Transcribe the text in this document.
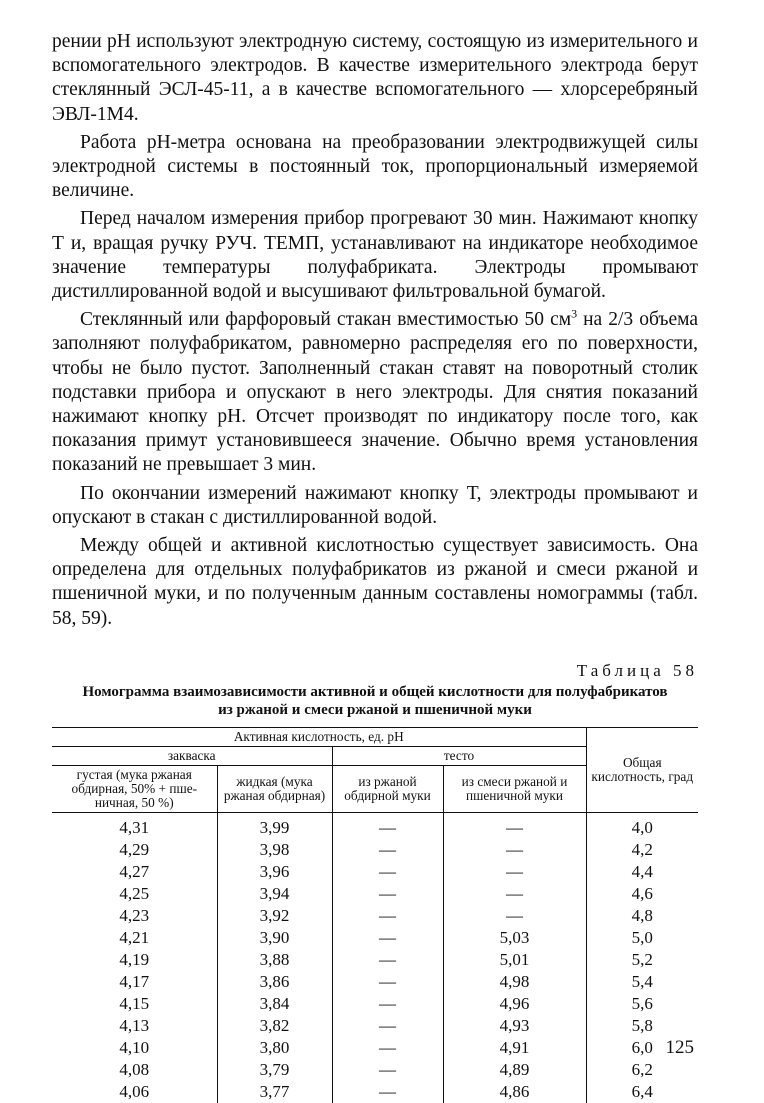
рении pH используют электродную систему, состоящую из измерительного и вспомогательного электродов. В качестве измерительного электрода берут стеклянный ЭСЛ-45-11, а в качестве вспомогательного — хлорсеребряный ЭВЛ-1М4.

Работа pH-метра основана на преобразовании электродвижущей силы электродной системы в постоянный ток, пропорциональный измеряемой величине.

Перед началом измерения прибор прогревают 30 мин. Нажимают кнопку Т и, вращая ручку РУЧ. ТЕМП, устанавливают на индикаторе необходимое значение температуры полуфабриката. Электроды промывают дистиллированной водой и высушивают фильтровальной бумагой.

Стеклянный или фарфоровый стакан вместимостью 50 $см^3$ на 2/3 объема заполняют полуфабрикатом, равномерно распределяя его по поверхности, чтобы не было пустот. Заполненный стакан ставят на поворотный столик подставки прибора и опускают в него электроды. Для снятия показаний нажимают кнопку pH. Отсчет производят по индикатору после того, как показания примут установившееся значение. Обычно время установления показаний не превышает 3 мин.

По окончании измерений нажимают кнопку Т, электроды промывают и опускают в стакан с дистиллированной водой.

Между общей и активной кислотностью существует зависимость. Она определена для отдельных полуфабрикатов из ржаной и смеси ржаной и пшеничной муки, и по полученным данным составлены номограммы (табл. 58, 59).

Таблица 58
Номограмма взаимозависимости активной и общей кислотности для полуфабрикатов
из ржаной и смеси ржаной и пшеничной муки
Активная кислотность, ед. pH				Общая кислотность, град
закваска		тесто		
густая (мука ржаная обдирная, 50% + пшеничная, 50 %)	жидкая (мука ржаная обдирная)	из ржаной обдирной муки	из смеси ржаной и пшеничной муки	
4,31	3,99	—	—	4,0
4,29	3,98	—	—	4,2
4,27	3,96	—	—	4,4
4,25	3,94	—	—	4,6
4,23	3,92	—	—	4,8
4,21	3,90	—	5,03	5,0
4,19	3,88	—	5,01	5,2
4,17	3,86	—	4,98	5,4
4,15	3,84	—	4,96	5,6
4,13	3,82	—	4,93	5,8
4,10	3,80	—	4,91	6,0
4,08	3,79	—	4,89	6,2
4,06	3,77	—	4,86	6,4
125
